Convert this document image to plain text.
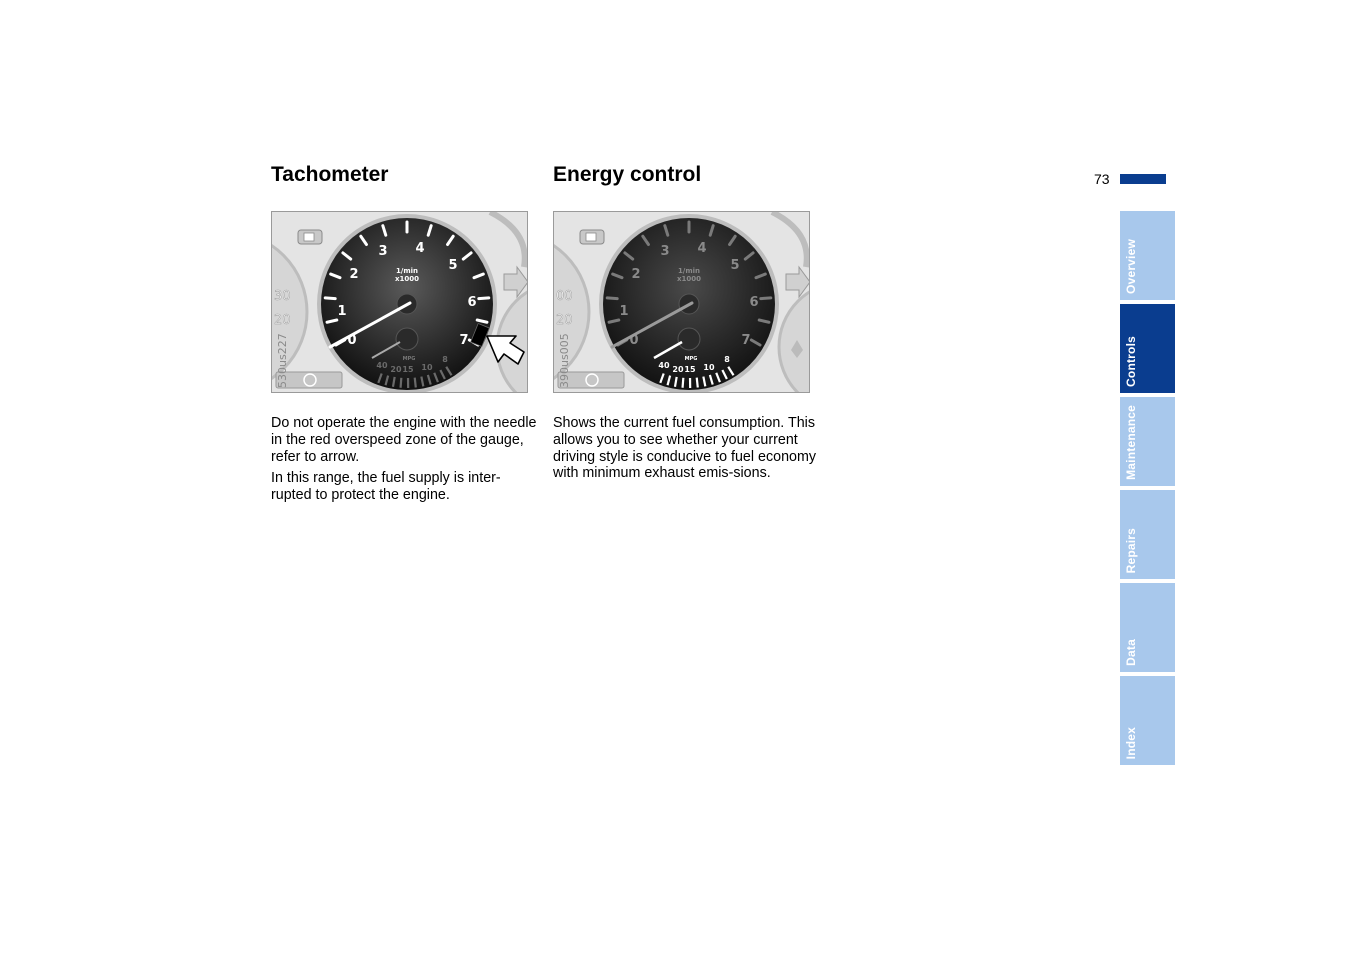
Tachometer
30
20
0
1
2
3 4
5
6
7
1/min
x1000
MPG
40 20 15 10
8
530us227

Do not operate the engine with the needle in the red overspeed zone of the gauge, refer to arrow.

In this range, the fuel supply is inter-rupted to protect the engine.

Energy control
00
20
0
1
2
3 4
5
6
7
1/min
x1000
MPG
40 20 15 10
8
390us005

Shows the current fuel consumption. This allows you to see whether your current driving style is conducive to fuel economy with minimum exhaust emis-sions.

73
Overview
Controls
Maintenance
Repairs
Data
Index
